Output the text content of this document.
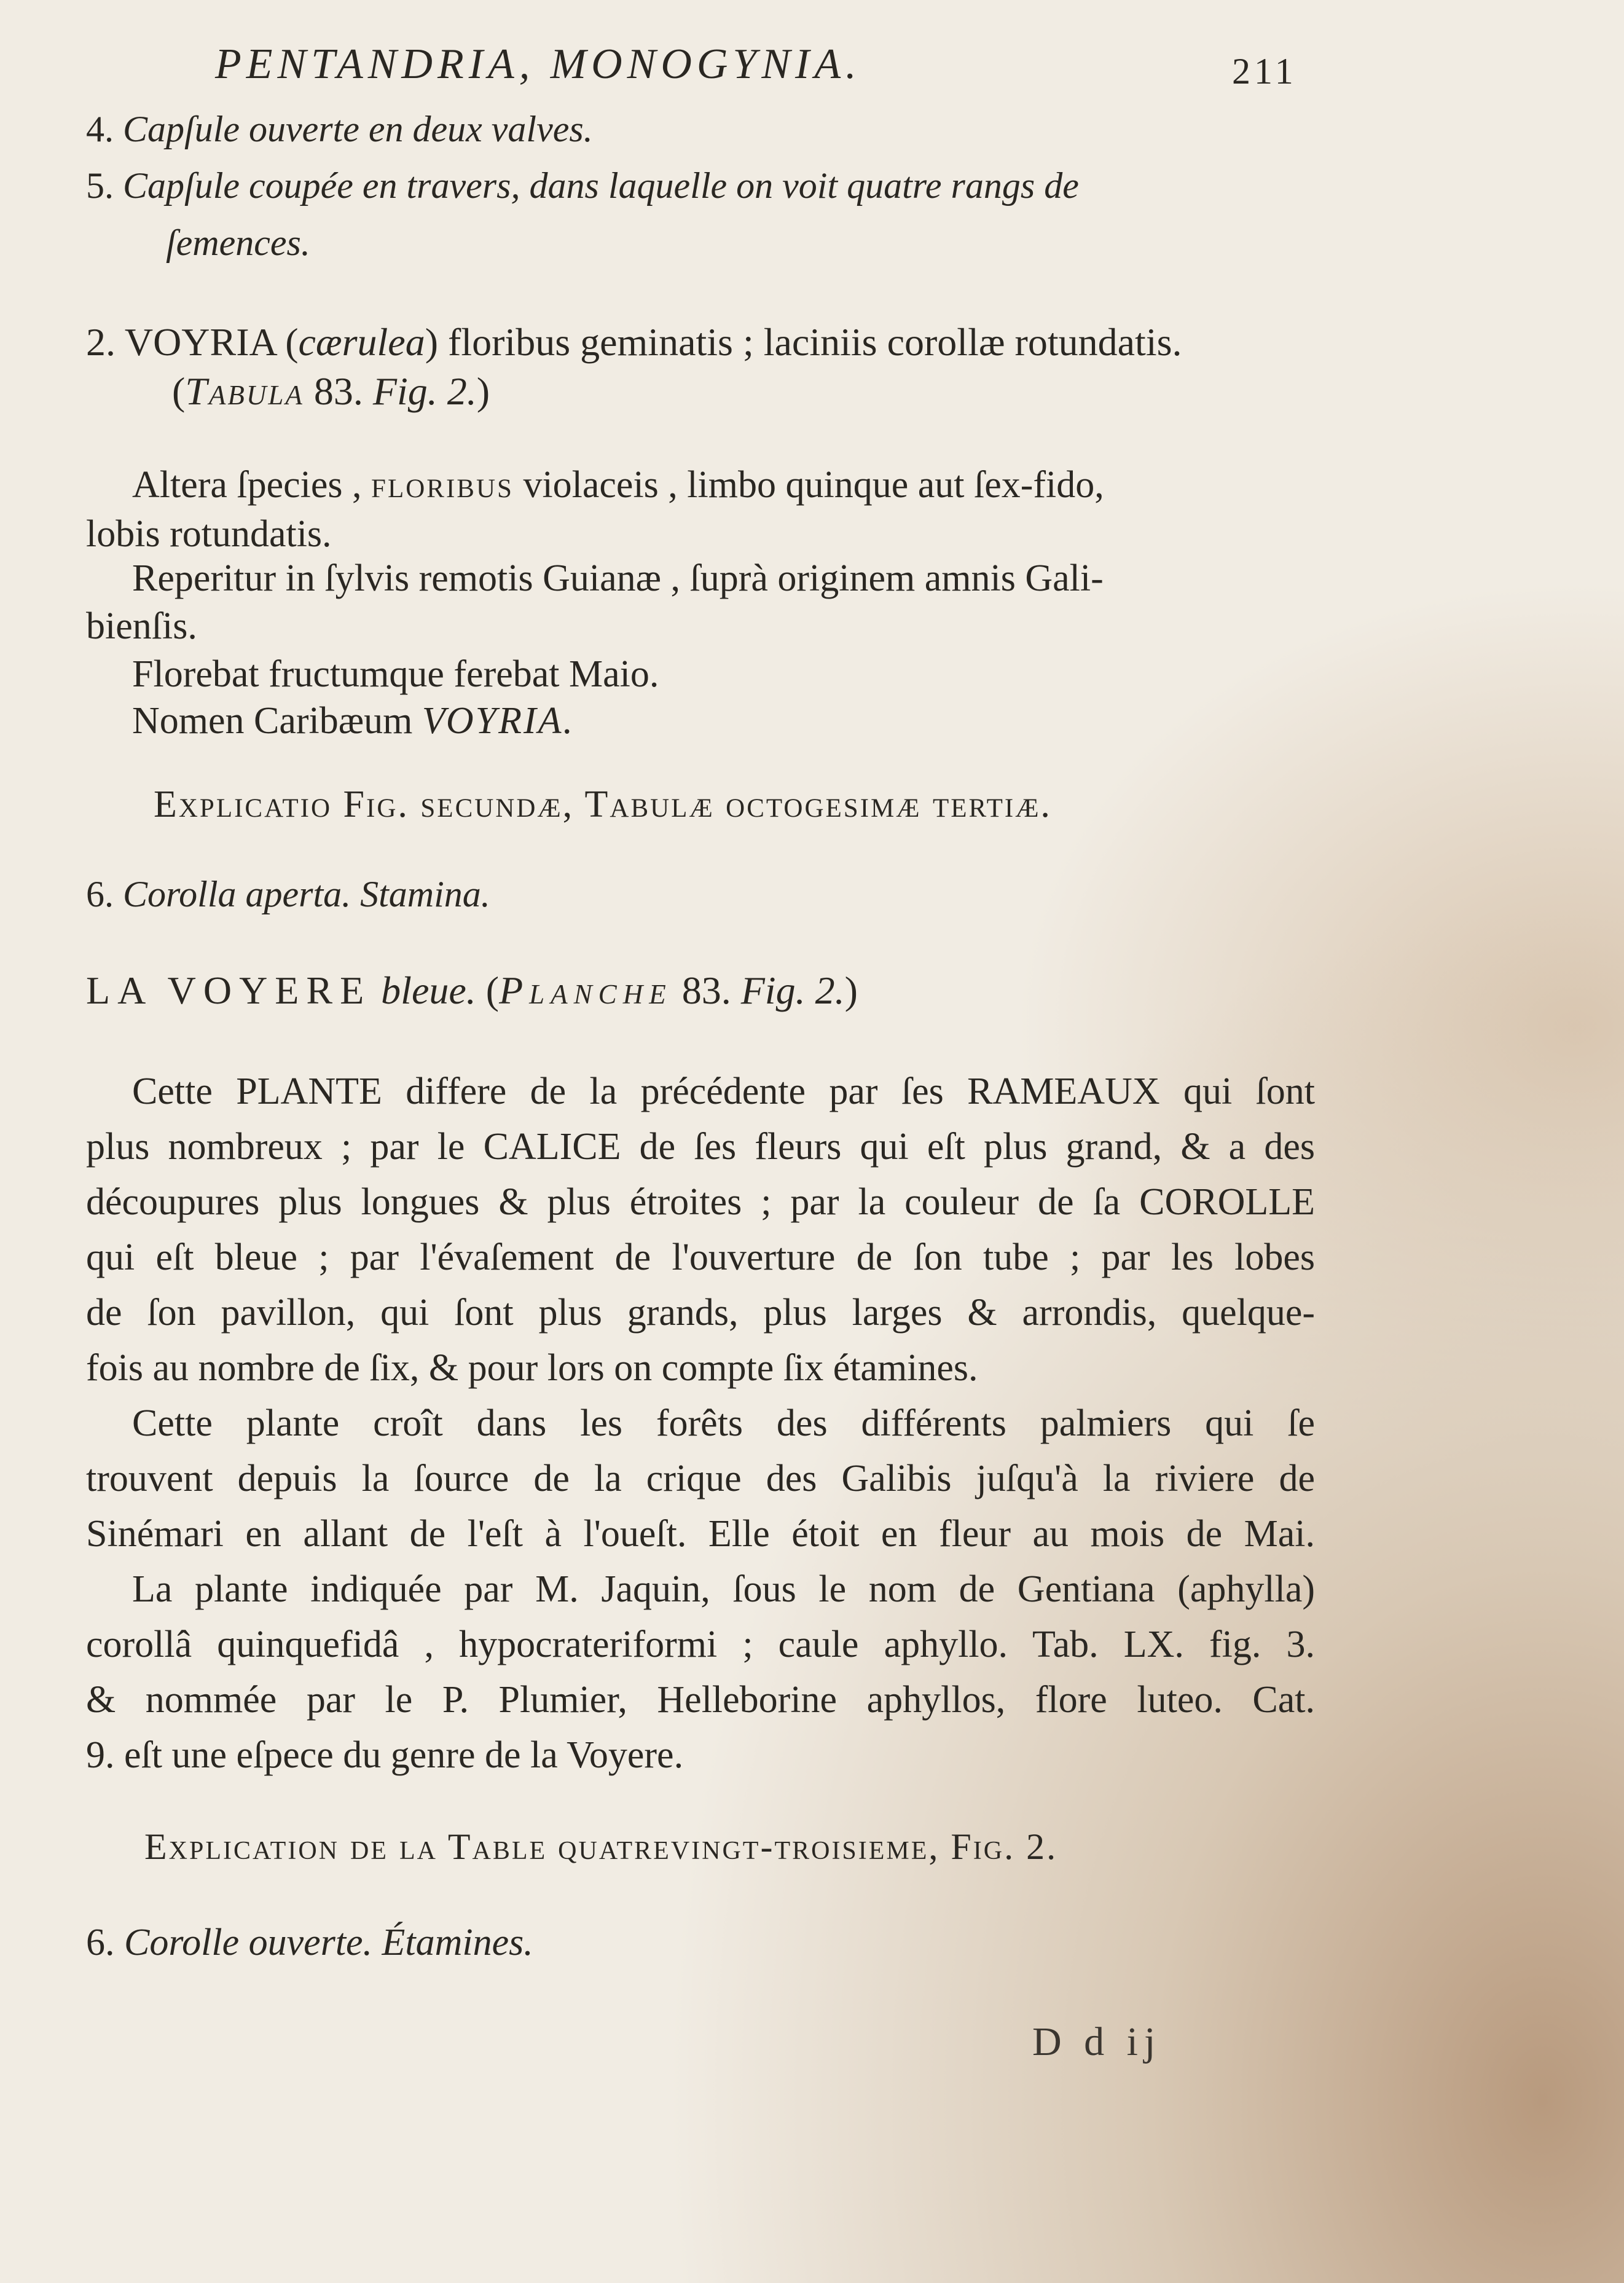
PENTANDRIA, MONOGYNIA.	211
4. Capſule ouverte en deux valves.
5. Capſule coupée en travers, dans laquelle on voit quatre rangs de
ſemences.
2. VOYRIA (cærulea) floribus geminatis ; laciniis corollæ rotundatis.
(Tabula 83. Fig. 2.)
Altera ſpecies , floribus violaceis , limbo quinque aut ſex-fido,
lobis rotundatis.
Reperitur in ſylvis remotis Guianæ , ſuprà originem amnis Gali-
bienſis.
Florebat fructumque ferebat Maio.
Nomen Caribæum VOYRIA.
Explicatio Fig. secundæ, Tabulæ octogesimæ tertiæ.
6. Corolla aperta. Stamina.
LA VOYERE bleue. (Planche 83. Fig. 2.)
Cette PLANTE differe de la précédente par ſes RAMEAUX qui ſont
plus nombreux ; par le CALICE de ſes fleurs qui eſt plus grand, & a des
découpures plus longues & plus étroites ; par la couleur de ſa COROLLE
qui eſt bleue ; par l'évaſement de l'ouverture de ſon tube ; par les lobes
de ſon pavillon, qui ſont plus grands, plus larges & arrondis, quelque-
fois au nombre de ſix, & pour lors on compte ſix étamines.
Cette plante croît dans les forêts des différents palmiers qui ſe
trouvent depuis la ſource de la crique des Galibis juſqu'à la riviere de
Sinémari en allant de l'eſt à l'oueſt. Elle étoit en fleur au mois de Mai.
La plante indiquée par M. Jaquin, ſous le nom de Gentiana (aphylla)
corollâ quinquefidâ , hypocrateriformi ; caule aphyllo. Tab. LX. fig. 3.
& nommée par le P. Plumier, Helleborine aphyllos, flore luteo. Cat.
9. eſt une eſpece du genre de la Voyere.
Explication de la Table quatrevingt-troisieme, Fig. 2.
6. Corolle ouverte. Étamines.
D d ij
